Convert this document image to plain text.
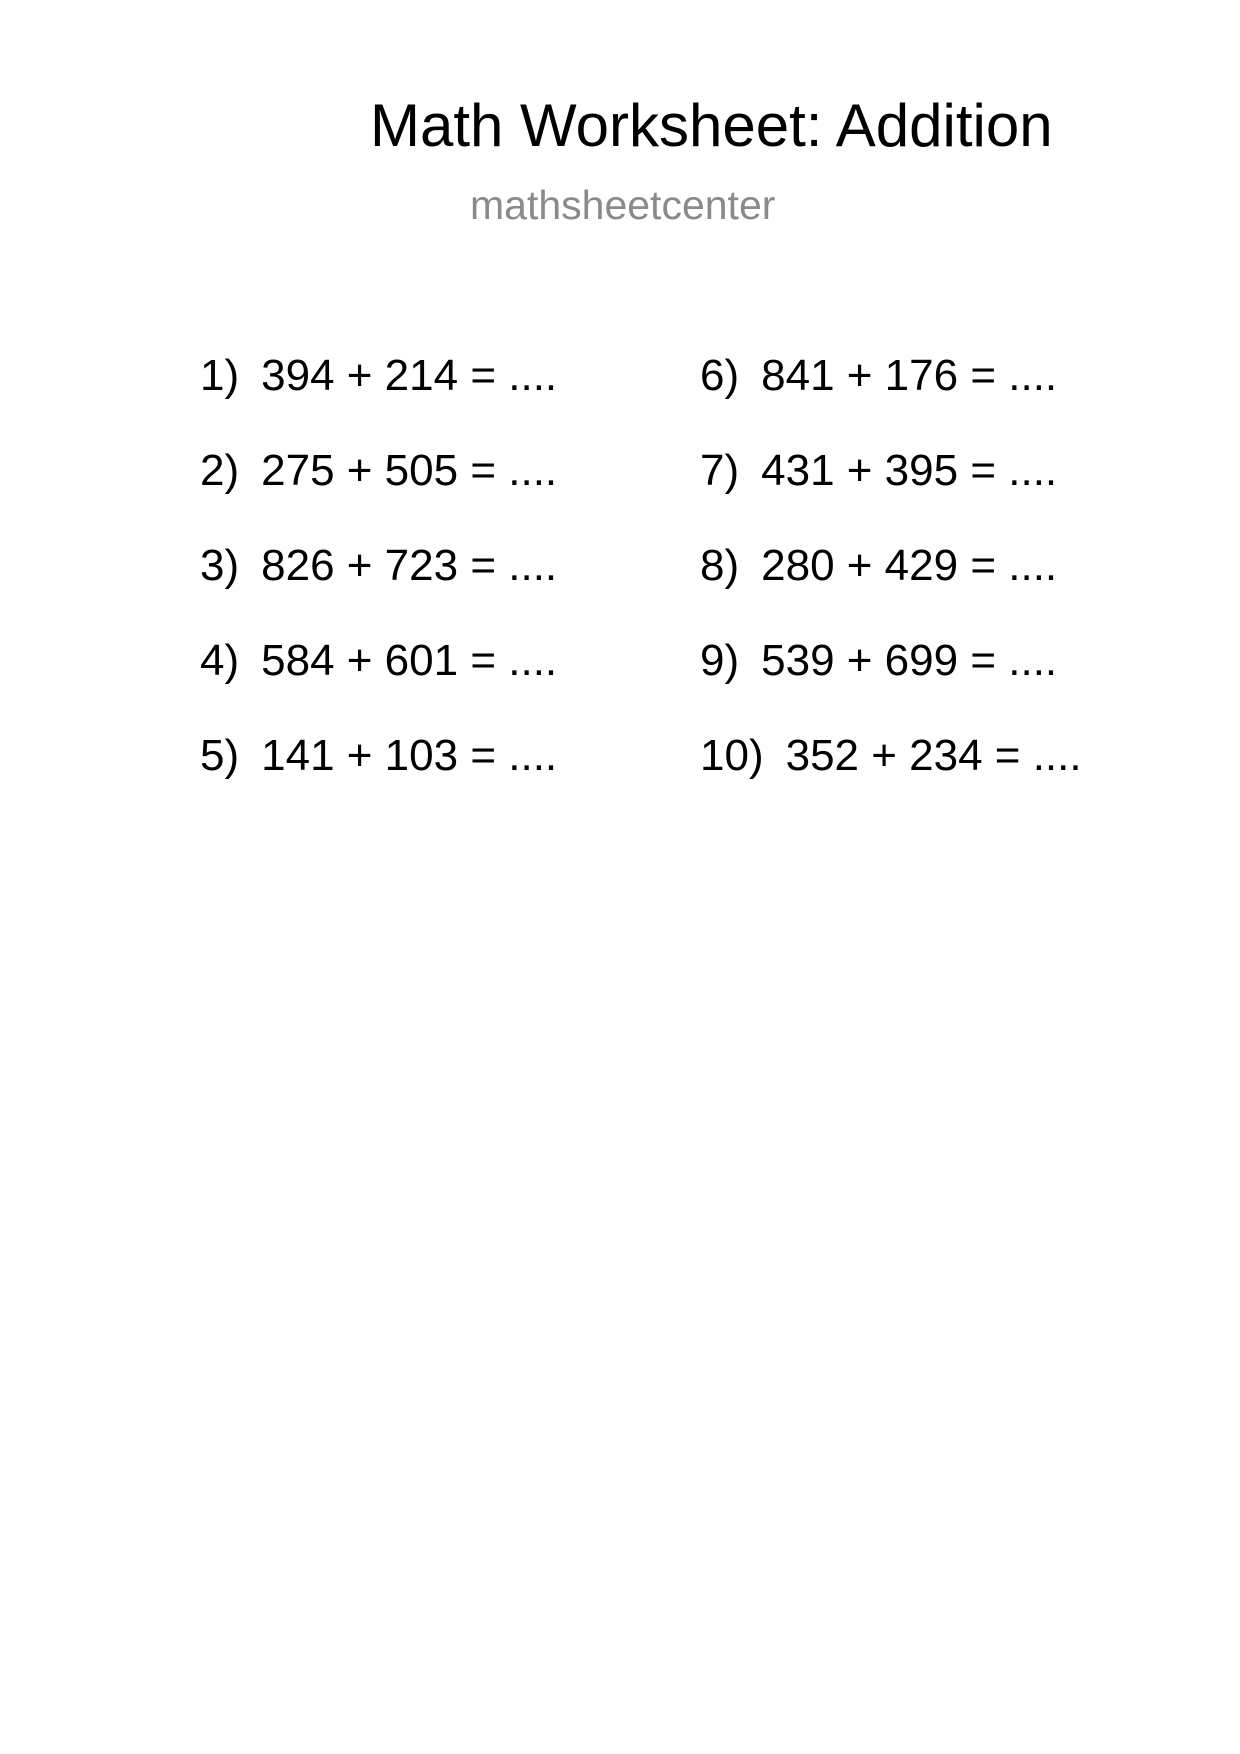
Math Worksheet: Addition
mathsheetcenter
1) 394 + 214 = ....
2) 275 + 505 = ....
3) 826 + 723 = ....
4) 584 + 601 = ....
5) 141 + 103 = ....
6) 841 + 176 = ....
7) 431 + 395 = ....
8) 280 + 429 = ....
9) 539 + 699 = ....
10) 352 + 234 = ....
